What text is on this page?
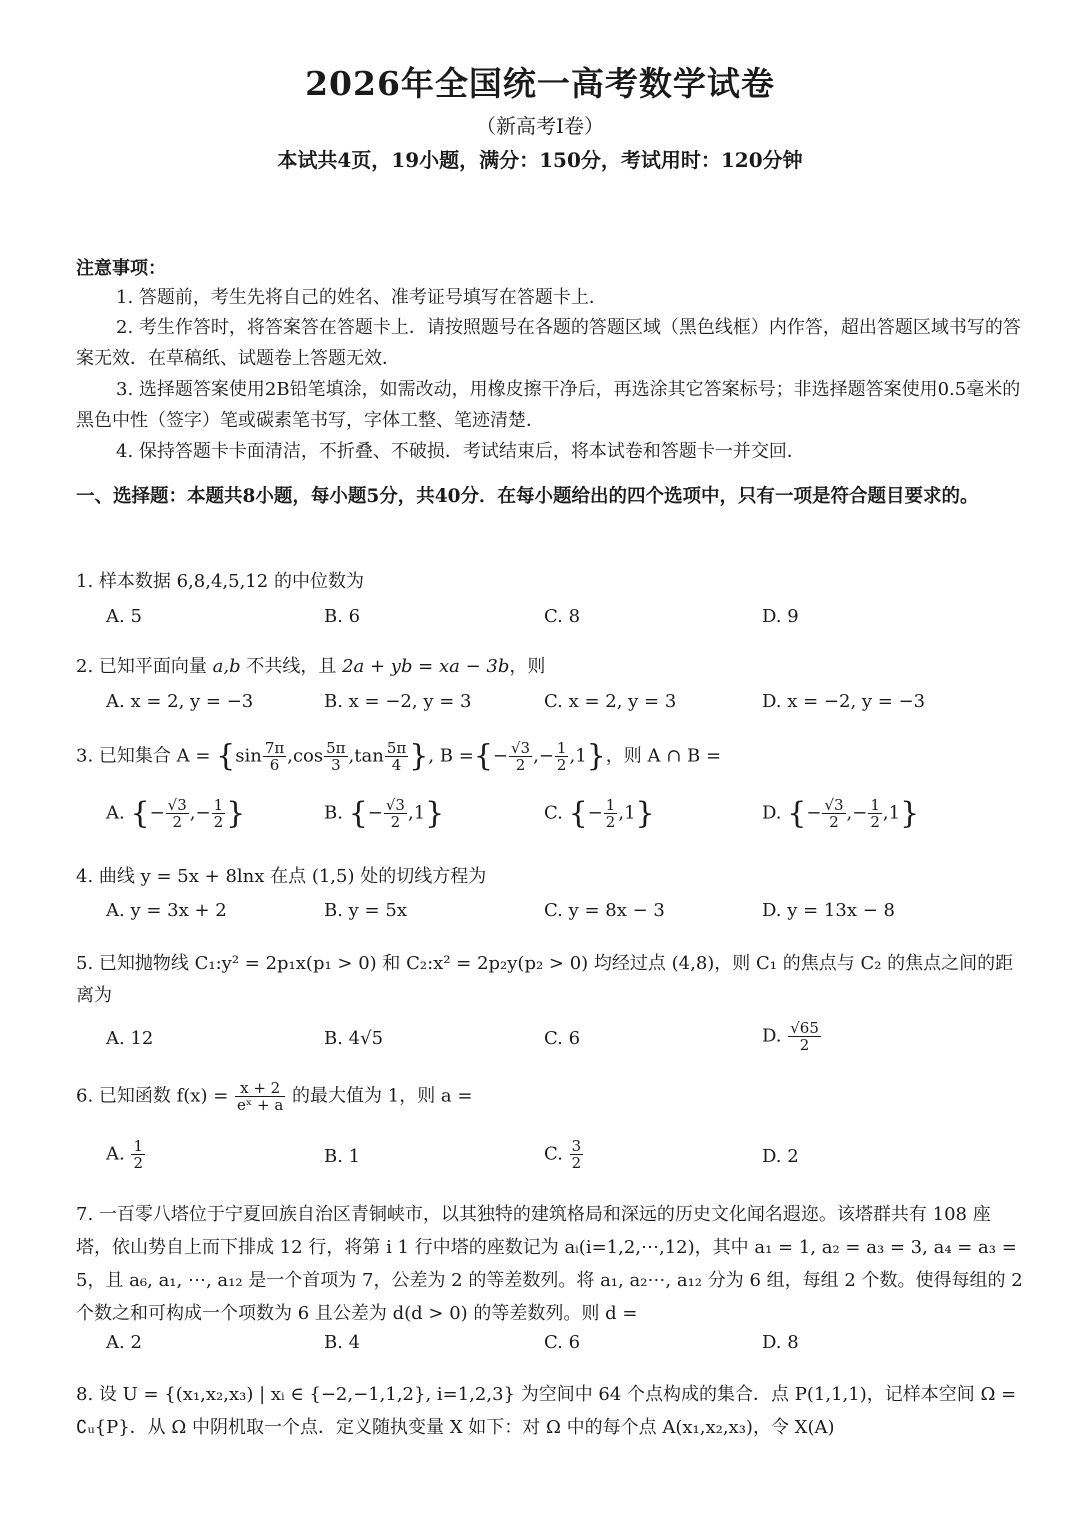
2026年全国统一高考数学试卷
（新高考Ⅰ卷）
本试共4页，19小题，满分：150分，考试用时：120分钟
注意事项：
1. 答题前，考生先将自己的姓名、准考证号填写在答题卡上．
2. 考生作答时，将答案答在答题卡上．请按照题号在各题的答题区域（黑色线框）内作答，超出答题区域书写的答案无效．在草稿纸、试题卷上答题无效．
3. 选择题答案使用2B铅笔填涂，如需改动，用橡皮擦干净后，再选涂其它答案标号；非选择题答案使用0.5毫米的黑色中性（签字）笔或碳素笔书写，字体工整、笔迹清楚．
4. 保持答题卡卡面清洁，不折叠、不破损．考试结束后，将本试卷和答题卡一并交回．
一、选择题：本题共8小题，每小题5分，共40分．在每小题给出的四个选项中，只有一项是符合题目要求的。
1. 样本数据 6,8,4,5,12 的中位数为
A. 5	B. 6	C. 8	D. 9
2. 已知平面向量 a,b 不共线，且 2a + yb = xa − 3b，则
A. x = 2, y = −3	B. x = −2, y = 3	C. x = 2, y = 3	D. x = −2, y = −3
3. 已知集合 $A = \{\sin \frac{7\pi}{6} ,\cos \frac{5\pi}{3} ,\tan \frac{5\pi}{4}$ }, B ={− $\frac{√3}{2}$ ,− $\frac{1}{2} ,1$}，则 A ∩ B =
A. {− $\frac{√3}{2}$ ,− $\frac{1}{2}$ }	B. {− $\frac{√3}{2} ,1$}	C. {− $\frac{1}{2} ,1$}	D. {− $\frac{√3}{2}$ ,− $\frac{1}{2} ,1$}
4. 曲线 y = 5x + 8lnx 在点 (1,5) 处的切线方程为
A. y = 3x + 2	B. y = 5x	C. y = 8x − 3	D. y = 13x − 8
5. 已知抛物线 C₁:y² = 2p₁x(p₁ > 0) 和 C₂:x² = 2p₂y(p₂ > 0) 均经过点 (4,8)，则 C₁ 的焦点与 C₂ 的焦点之间的距离为
A. 12	B. 4√5	C. 6	D. $\frac{√65}{2}$
6. 已知函数 $f(x) = \frac{x + 2}{\text{eˣ + a}}$ 的最大值为 1，则 a =
A. $\frac{1}{2}$	B. 1	C. $\frac{3}{2}$	D. 2
7. 一百零八塔位于宁夏回族自治区青铜峡市，以其独特的建筑格局和深远的历史文化闻名遐迩。该塔群共有 108 座塔，依山势自上而下排成 12 行，将第 i 1 行中塔的座数记为 aᵢ(i=1,2,⋯,12)，其中 a₁ = 1, a₂ = a₃ = 3, a₄ = a₃ = 5，且 a₆, a₁, ⋯, a₁₂ 是一个首项为 7，公差为 2 的等差数列。将 a₁, a₂⋯, a₁₂ 分为 6 组，每组 2 个数。使得每组的 2 个数之和可构成一个项数为 6 且公差为 d(d > 0) 的等差数列。则 d =
A. 2	B. 4	C. 6	D. 8
8. 设 U = {(x₁,x₂,x₃) | xᵢ ∈ {−2,−1,1,2}, i=1,2,3} 为空间中 64 个点构成的集合．点 P(1,1,1)，记样本空间 Ω = ∁ᵤ{P}．从 Ω 中阴机取一个点．定义随执变量 X 如下：对 Ω 中的每个点 A(x₁,x₂,x₃)，令 X(A)
